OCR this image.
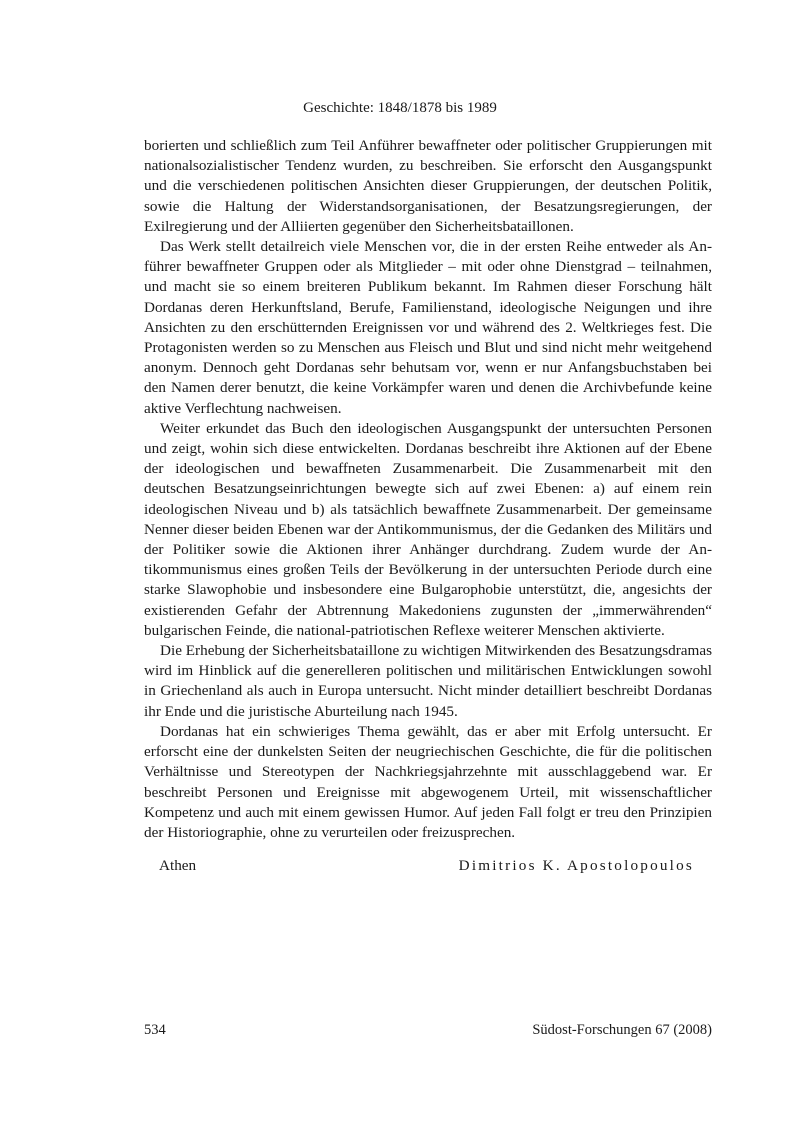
Geschichte: 1848/1878 bis 1989

borierten und schließlich zum Teil Anführer bewaffneter oder politischer Gruppierungen mit nationalsozialistischer Tendenz wurden, zu beschreiben. Sie erforscht den Ausgangspunkt und die verschiedenen politischen Ansichten dieser Gruppierungen, der deutschen Politik, sowie die Haltung der Widerstandsorganisationen, der Besatzungsregierungen, der Exilregierung und der Alliierten gegenüber den Sicherheitsbataillonen.

Das Werk stellt detailreich viele Menschen vor, die in der ersten Reihe entweder als Anführer bewaffneter Gruppen oder als Mitglieder – mit oder ohne Dienstgrad – teilnahmen, und macht sie so einem breiteren Publikum bekannt. Im Rahmen dieser Forschung hält Dordanas deren Herkunftsland, Berufe, Familienstand, ideologische Neigungen und ihre Ansichten zu den erschütternden Ereignissen vor und während des 2. Weltkrieges fest. Die Protagonisten werden so zu Menschen aus Fleisch und Blut und sind nicht mehr weitgehend anonym. Dennoch geht Dordanas sehr behutsam vor, wenn er nur Anfangsbuchstaben bei den Namen derer benutzt, die keine Vorkämpfer waren und denen die Archivbefunde keine aktive Verflechtung nachweisen.

Weiter erkundet das Buch den ideologischen Ausgangspunkt der untersuchten Personen und zeigt, wohin sich diese entwickelten. Dordanas beschreibt ihre Aktionen auf der Ebene der ideologischen und bewaffneten Zusammenarbeit. Die Zusammenarbeit mit den deutschen Besatzungseinrichtungen bewegte sich auf zwei Ebenen: a) auf einem rein ideologischen Niveau und b) als tatsächlich bewaffnete Zusammenarbeit. Der gemeinsame Nenner dieser beiden Ebenen war der Antikommunismus, der die Gedanken des Militärs und der Politiker sowie die Aktionen ihrer Anhänger durchdrang. Zudem wurde der Antikommunismus eines großen Teils der Bevölkerung in der untersuchten Periode durch eine starke Slawophobie und insbesondere eine Bulgarophobie unterstützt, die, angesichts der existierenden Gefahr der Abtrennung Makedoniens zugunsten der „immerwährenden“ bulgarischen Feinde, die national-patriotischen Reflexe weiterer Menschen aktivierte.

Die Erhebung der Sicherheitsbataillone zu wichtigen Mitwirkenden des Besatzungsdramas wird im Hinblick auf die generelleren politischen und militärischen Entwicklungen sowohl in Griechenland als auch in Europa untersucht. Nicht minder detailliert beschreibt Dordanas ihr Ende und die juristische Aburteilung nach 1945.

Dordanas hat ein schwieriges Thema gewählt, das er aber mit Erfolg untersucht. Er erforscht eine der dunkelsten Seiten der neugriechischen Geschichte, die für die politischen Verhältnisse und Stereotypen der Nachkriegsjahrzehnte mit ausschlaggebend war. Er beschreibt Personen und Ereignisse mit abgewogenem Urteil, mit wissenschaftlicher Kompetenz und auch mit einem gewissen Humor. Auf jeden Fall folgt er treu den Prinzipien der Historiographie, ohne zu verurteilen oder freizusprechen.

Athen	Dimitrios K. Apostolopoulos
534	Südost-Forschungen 67 (2008)
